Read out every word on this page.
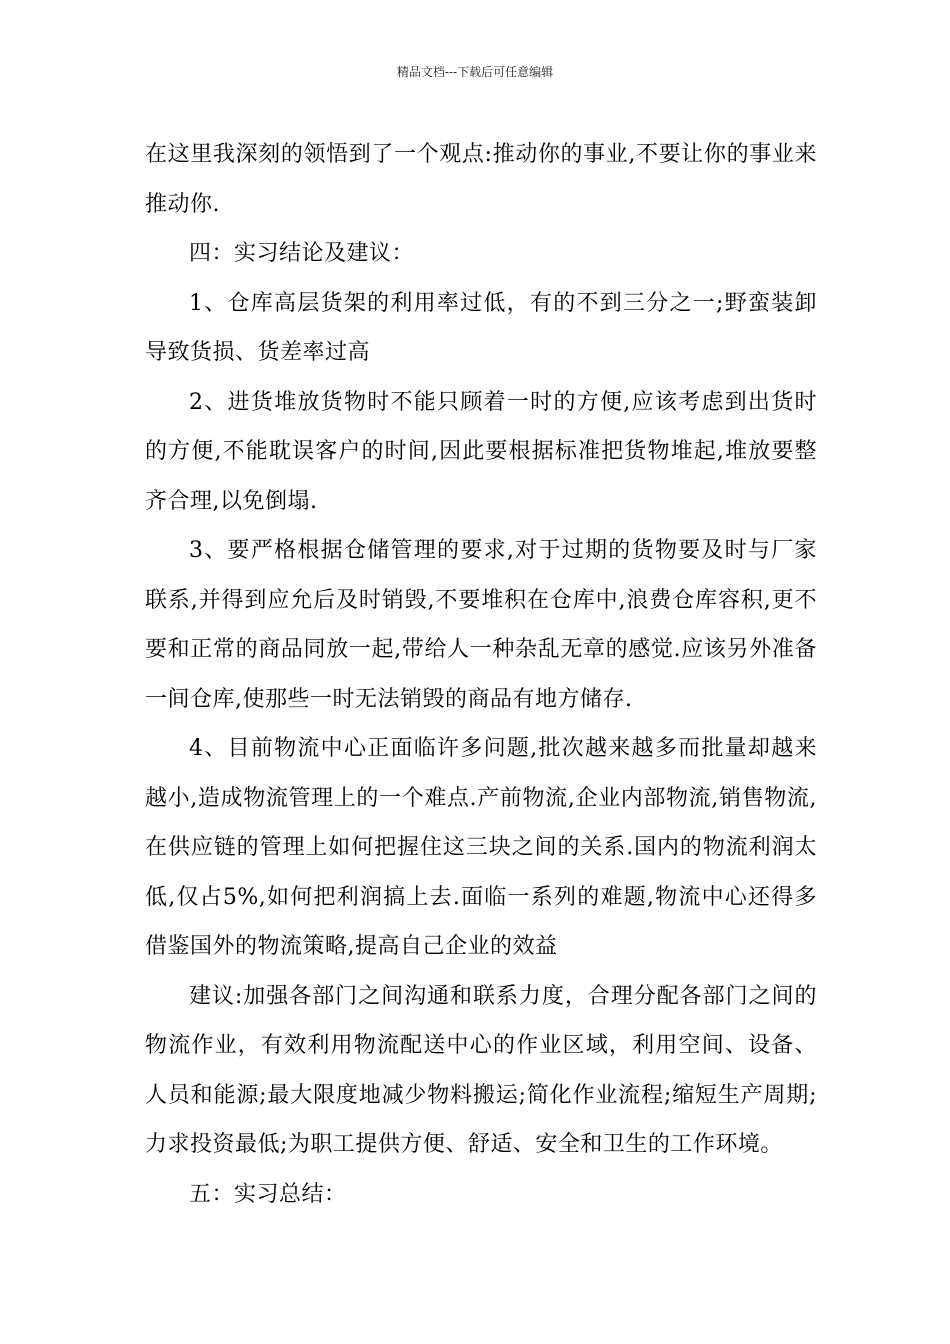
精品文档---下载后可任意编辑

在这里我深刻的领悟到了一个观点:推动你的事业,不要让你的事业来推动你.

四：实习结论及建议：

1、仓库高层货架的利用率过低，有的不到三分之一;野蛮装卸导致货损、货差率过高

2、进货堆放货物时不能只顾着一时的方便,应该考虑到出货时的方便,不能耽误客户的时间,因此要根据标准把货物堆起,堆放要整齐合理,以免倒塌.

3、要严格根据仓储管理的要求,对于过期的货物要及时与厂家联系,并得到应允后及时销毁,不要堆积在仓库中,浪费仓库容积,更不要和正常的商品同放一起,带给人一种杂乱无章的感觉.应该另外准备一间仓库,使那些一时无法销毁的商品有地方储存.

4、目前物流中心正面临许多问题,批次越来越多而批量却越来越小,造成物流管理上的一个难点.产前物流,企业内部物流,销售物流,在供应链的管理上如何把握住这三块之间的关系.国内的物流利润太低,仅占5%,如何把利润搞上去.面临一系列的难题,物流中心还得多借鉴国外的物流策略,提高自己企业的效益

建议:加强各部门之间沟通和联系力度，合理分配各部门之间的物流作业，有效利用物流配送中心的作业区域，利用空间、设备、人员和能源;最大限度地减少物料搬运;简化作业流程;缩短生产周期;力求投资最低;为职工提供方便、舒适、安全和卫生的工作环境。

五：实习总结：
